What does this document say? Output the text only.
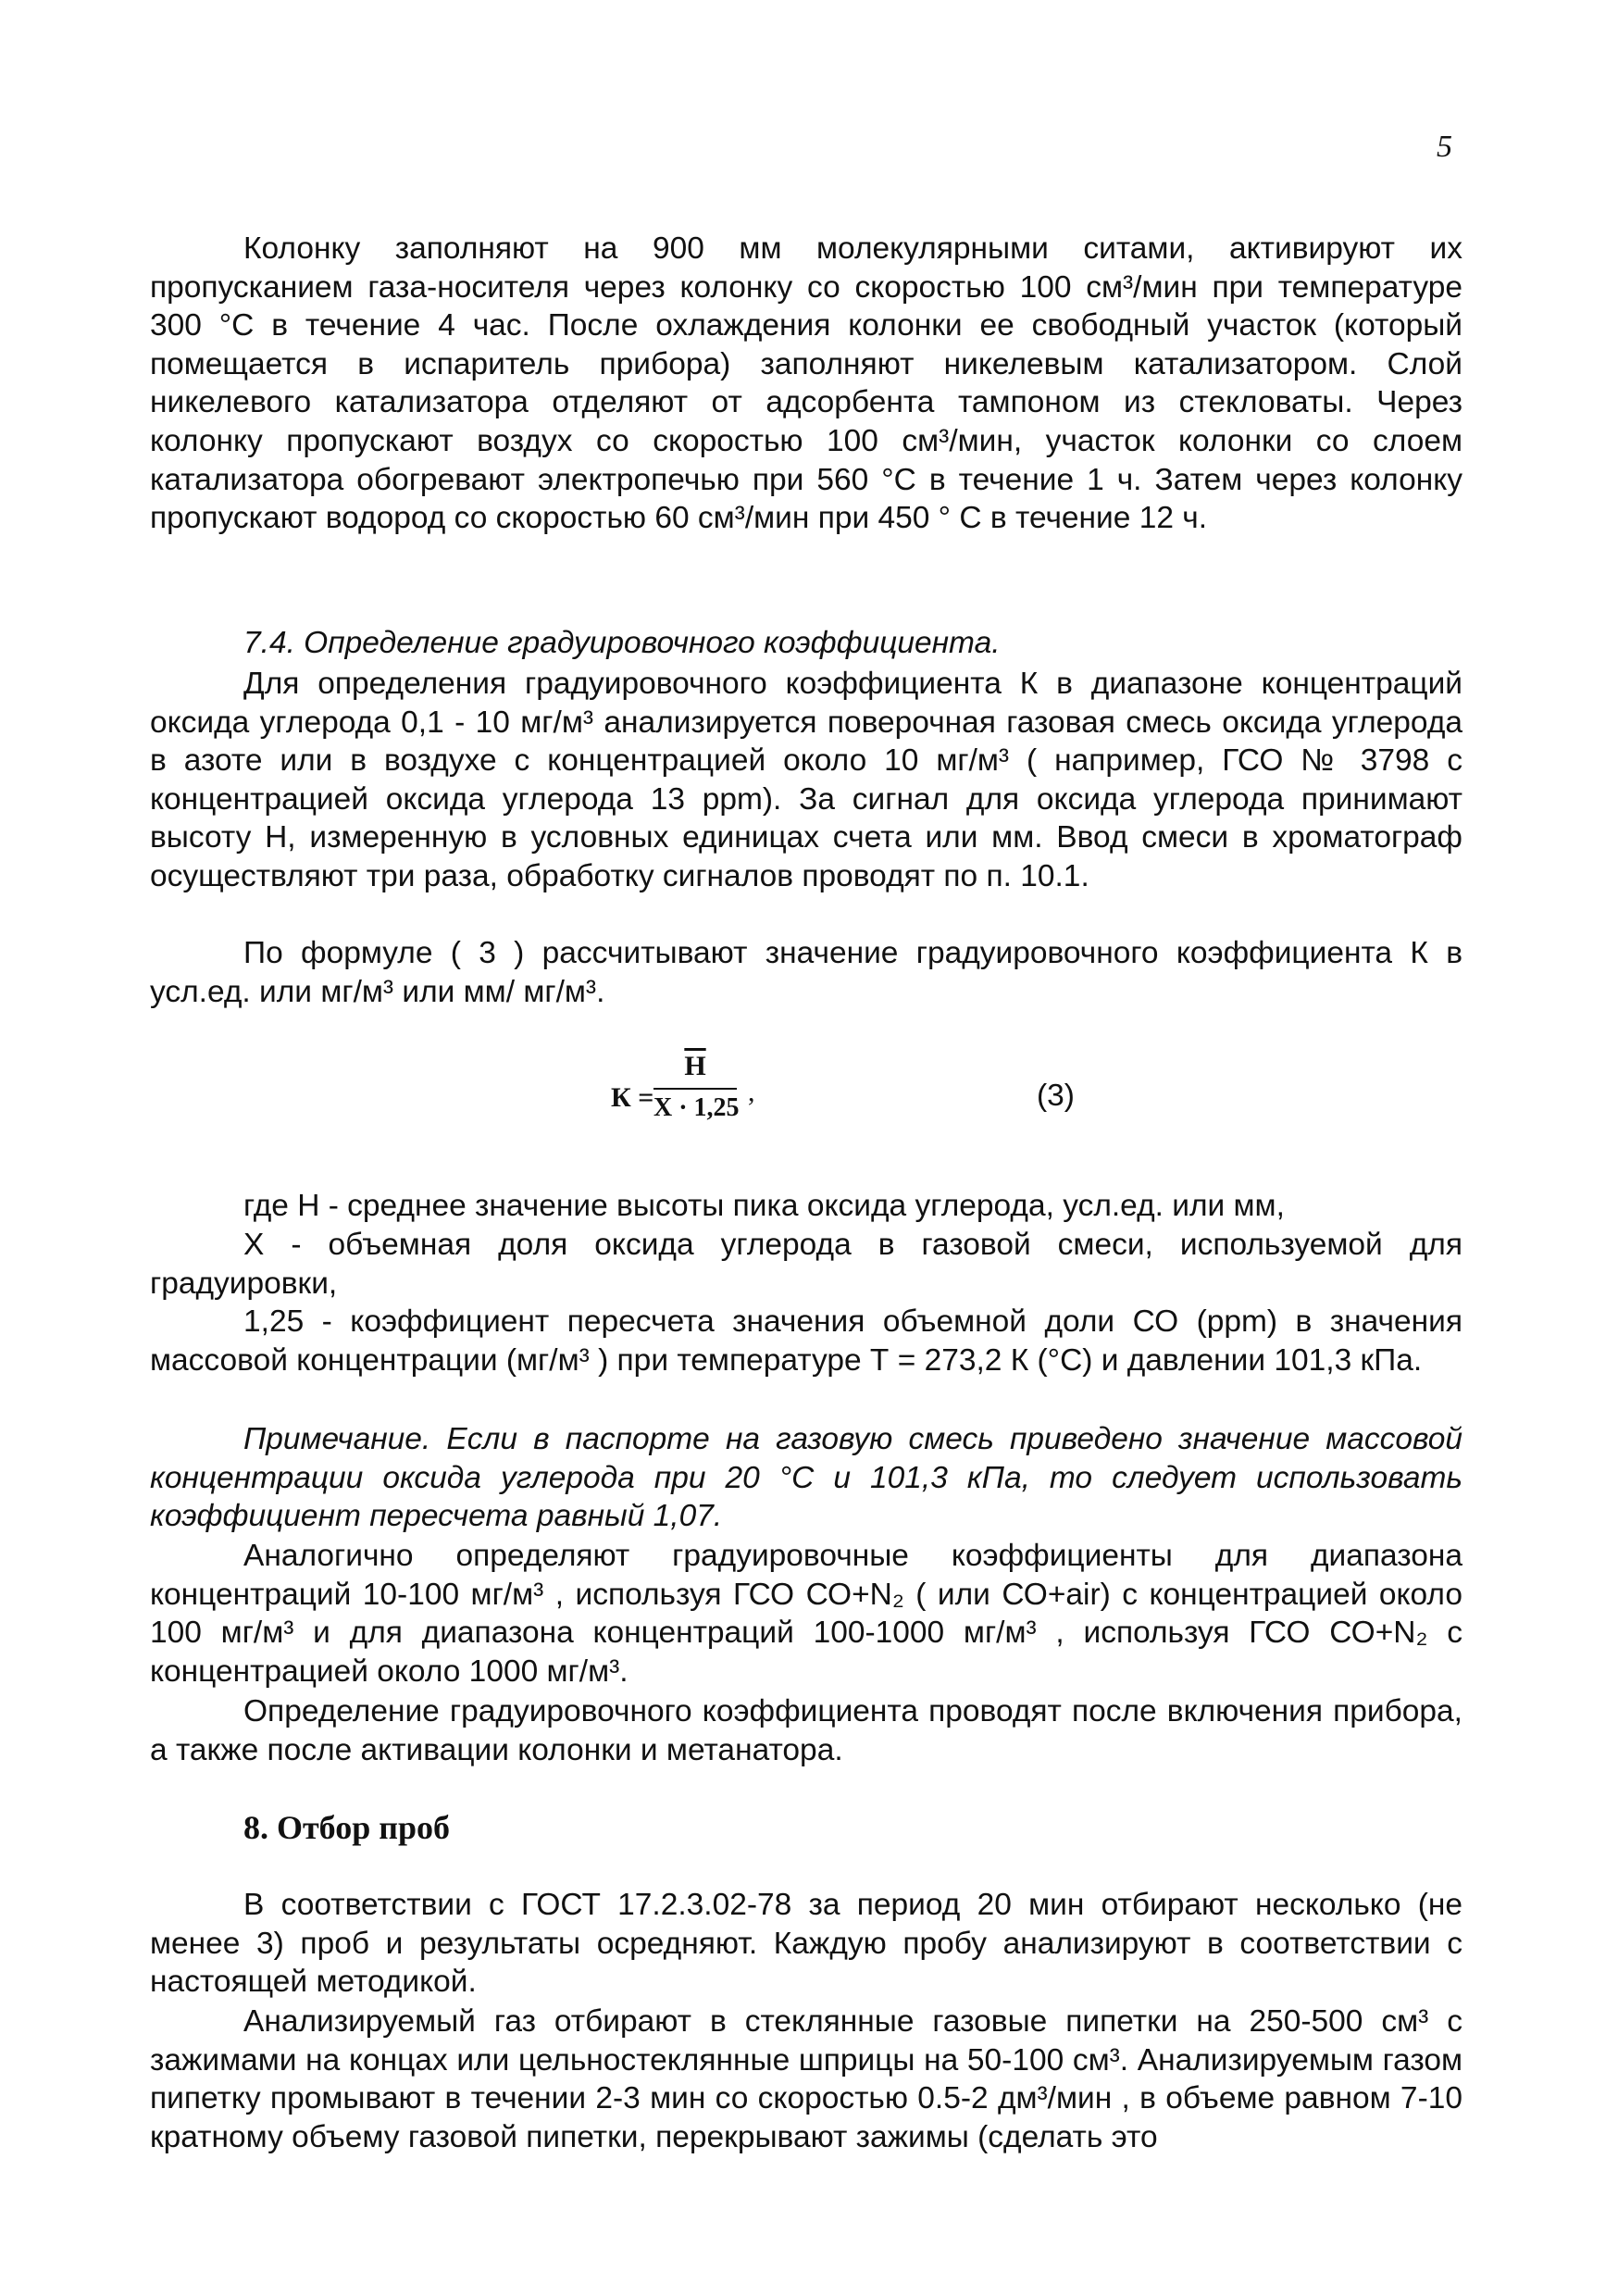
5

Колонку заполняют на 900 мм молекулярными ситами, активируют их пропусканием газа-носителя через колонку со скоростью 100 см³/мин при температуре 300 °С в течение 4 час. После охлаждения колонки ее свободный участок (который помещается в испаритель прибора) заполняют никелевым катализатором. Слой никелевого катализатора отделяют от адсорбента тампоном из стекловаты. Через колонку пропускают воздух со скоростью 100 см³/мин, участок колонки со слоем катализатора обогревают электропечью при 560 °С в течение 1 ч. Затем через колонку пропускают водород со скоростью 60 см³/мин при 450 ° С в течение 12 ч.

7.4. Определение градуировочного коэффициента.

Для определения градуировочного коэффициента К в диапазоне концентраций оксида углерода 0,1 - 10 мг/м³ анализируется поверочная газовая смесь оксида углерода в азоте или в воздухе с концентрацией около 10 мг/м³ ( например, ГСО № 3798 с концентрацией оксида углерода 13 ppm). За сигнал для оксида углерода принимают высоту Н, измеренную в условных единицах счета или мм. Ввод смеси в хроматограф осуществляют три раза, обработку сигналов проводят по п. 10.1.

По формуле ( 3 ) рассчитывают значение градуировочного коэффициента К в усл.ед. или мг/м³ или мм/ мг/м³.

К =
$\overline{H}$
X · 1,25
,	(3)

где H - среднее значение высоты пика оксида углерода, усл.ед. или мм,

Х - объемная доля оксида углерода в газовой смеси, используемой для градуировки,

1,25 - коэффициент пересчета значения объемной доли СО (ppm) в значения массовой концентрации (мг/м³ ) при температуре Т = 273,2 К (°С) и давлении 101,3 кПа.

Примечание. Если в паспорте на газовую смесь приведено значение массовой концентрации оксида углерода при 20 °С и 101,3 кПа, то следует использовать коэффициент пересчета равный 1,07.

Аналогично определяют градуировочные коэффициенты для диапазона концентраций 10-100 мг/м³ , используя ГСО СО+N₂ ( или СО+air) с концентрацией около 100 мг/м³ и для диапазона концентраций 100-1000 мг/м³ , используя ГСО СО+N₂ с концентрацией около 1000 мг/м³.

Определение градуировочного коэффициента проводят после включения прибора, а также после активации колонки и метанатора.

8. Отбор проб

В соответствии с ГОСТ 17.2.3.02-78 за период 20 мин отбирают несколько (не менее 3) проб и результаты осредняют. Каждую пробу анализируют в соответствии с настоящей методикой.

Анализируемый газ отбирают в стеклянные газовые пипетки на 250-500 см³ с зажимами на концах или цельностеклянные шприцы на 50-100 см³. Анализируемым газом пипетку промывают в течении 2-3 мин со скоростью 0.5-2 дм³/мин , в объеме равном 7-10 кратному объему газовой пипетки, перекрывают зажимы (сделать это
